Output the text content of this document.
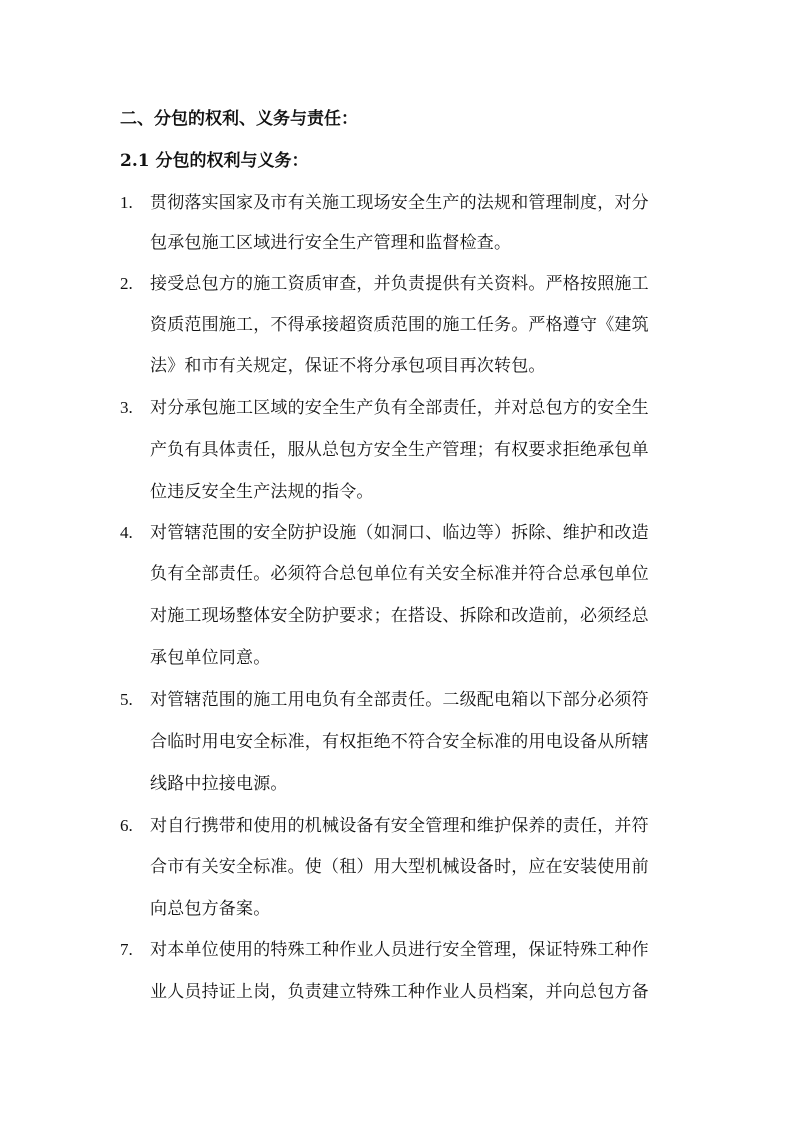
二、分包的权利、义务与责任：
2.1 分包的权利与义务：
1. 贯彻落实国家及市有关施工现场安全生产的法规和管理制度，对分
包承包施工区域进行安全生产管理和监督检查。
2. 接受总包方的施工资质审查，并负责提供有关资料。严格按照施工
资质范围施工，不得承接超资质范围的施工任务。严格遵守《建筑
法》和市有关规定，保证不将分承包项目再次转包。
3. 对分承包施工区域的安全生产负有全部责任，并对总包方的安全生
产负有具体责任，服从总包方安全生产管理；有权要求拒绝承包单
位违反安全生产法规的指令。
4. 对管辖范围的安全防护设施（如洞口、临边等）拆除、维护和改造
负有全部责任。必须符合总包单位有关安全标准并符合总承包单位
对施工现场整体安全防护要求；在搭设、拆除和改造前，必须经总
承包单位同意。
5. 对管辖范围的施工用电负有全部责任。二级配电箱以下部分必须符
合临时用电安全标准，有权拒绝不符合安全标准的用电设备从所辖
线路中拉接电源。
6. 对自行携带和使用的机械设备有安全管理和维护保养的责任，并符
合市有关安全标准。使（租）用大型机械设备时，应在安装使用前
向总包方备案。
7. 对本单位使用的特殊工种作业人员进行安全管理，保证特殊工种作
业人员持证上岗，负责建立特殊工种作业人员档案，并向总包方备
